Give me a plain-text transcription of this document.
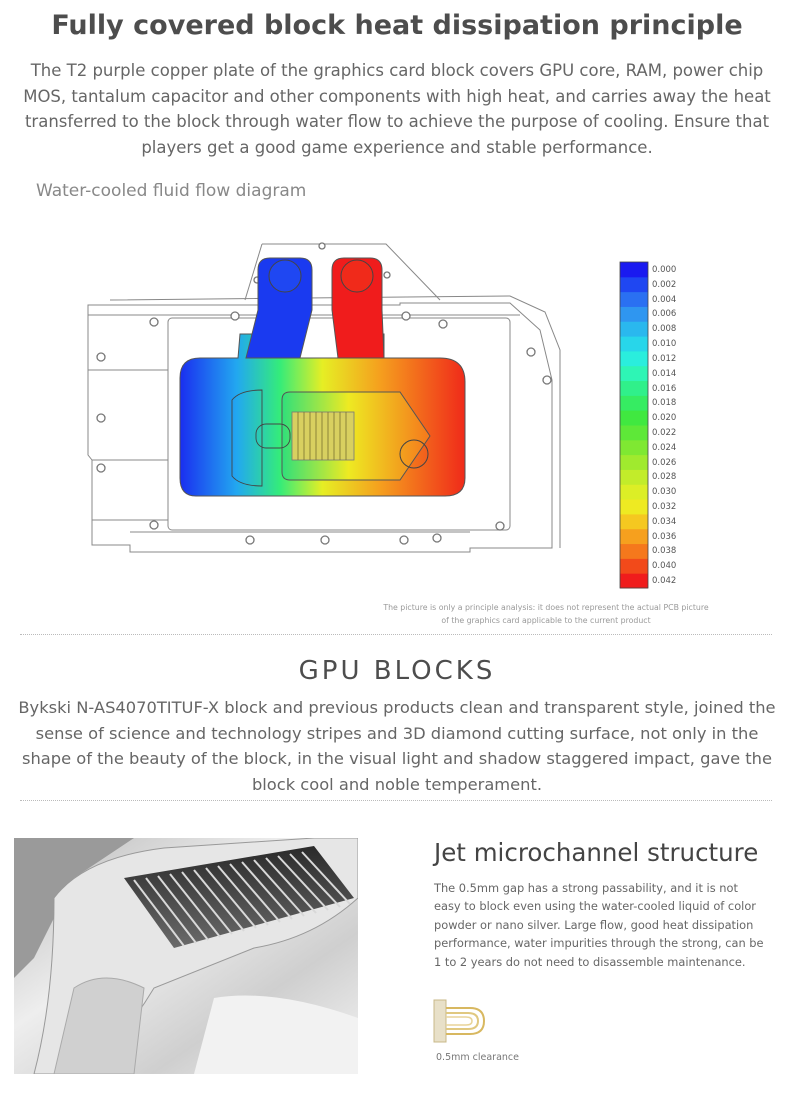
Fully covered block heat dissipation principle
The T2 purple copper plate of the graphics card block covers GPU core, RAM, power chip MOS, tantalum capacitor and other components with high heat, and carries away the heat transferred to the block through water flow to achieve the purpose of cooling. Ensure that players get a good game experience and stable performance.
Water-cooled fluid flow diagram
0.000
0.002
0.004
0.006
0.008
0.010
0.012
0.014
0.016
0.018
0.020
0.022
0.024
0.026
0.028
0.030
0.032
0.034
0.036
0.038
0.040
0.042
The picture is only a principle analysis: it does not represent the actual PCB picture
of the graphics card applicable to the current product
GPU BLOCKS
Bykski N-AS4070TITUF-X block and previous products clean and transparent style, joined the sense of science and technology stripes and 3D diamond cutting surface, not only in the shape of the beauty of the block, in the visual light and shadow staggered impact, gave the block cool and noble temperament.
Jet microchannel structure
The 0.5mm gap has a strong passability, and it is not easy to block even using the water-cooled liquid of color powder or nano silver. Large flow, good heat dissipation performance, water impurities through the strong, can be 1 to 2 years do not need to disassemble maintenance.
0.5mm clearance
